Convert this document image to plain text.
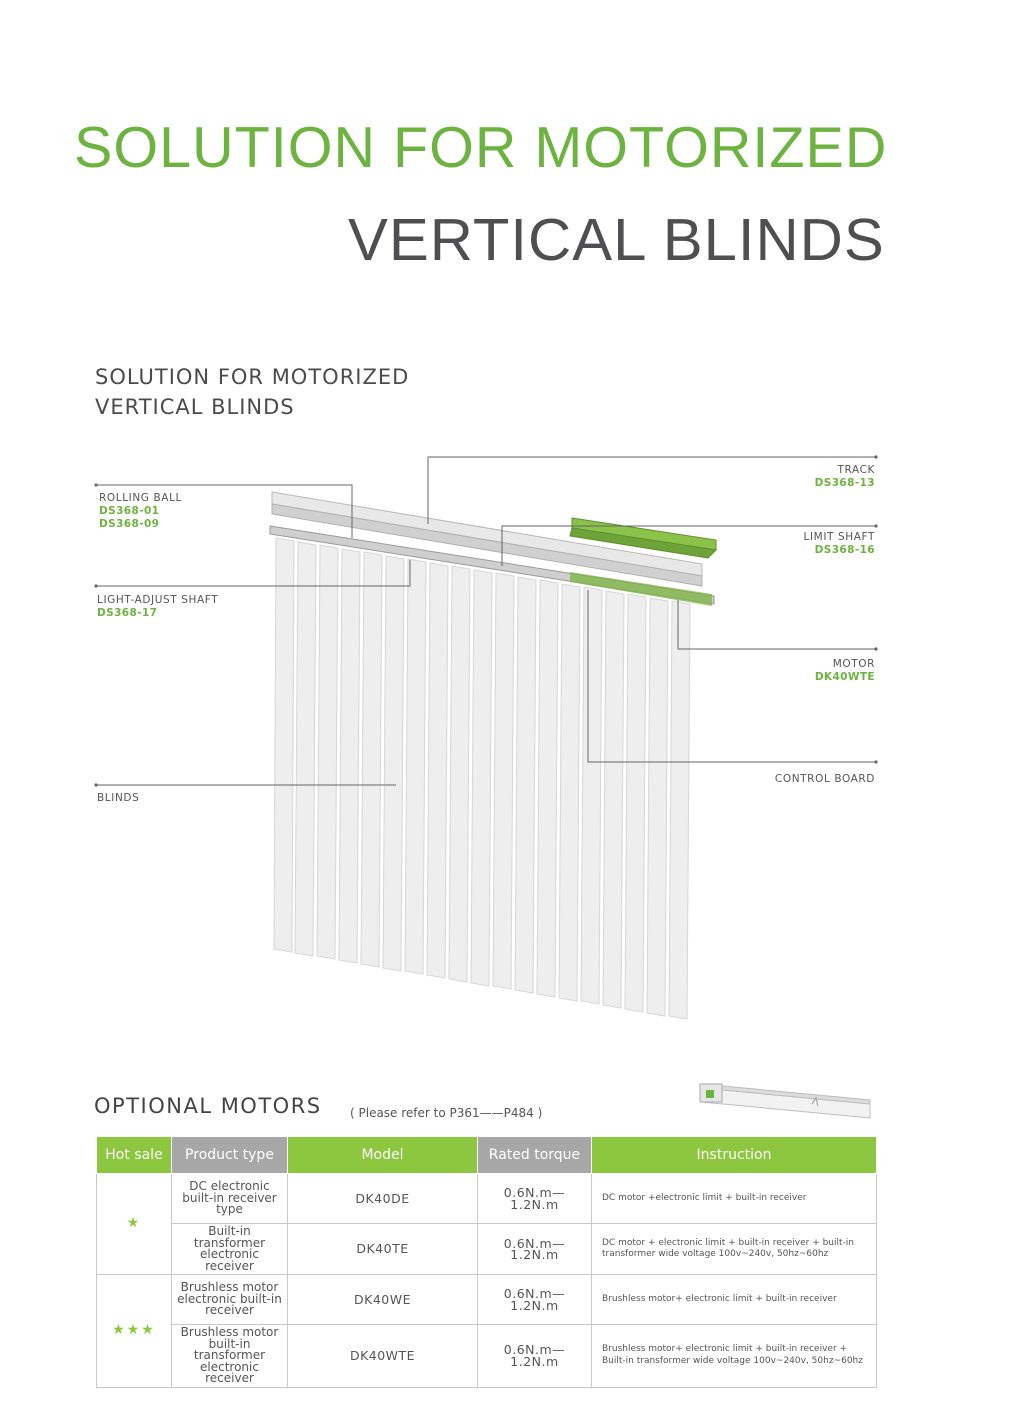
SOLUTION FOR MOTORIZED
VERTICAL BLINDS
SOLUTION FOR MOTORIZED
VERTICAL BLINDS
TRACK
DS368-13
ROLLING BALL
DS368-01
DS368-09
LIMIT SHAFT
DS368-16
LIGHT-ADJUST SHAFT
DS368-17
MOTOR
DK40WTE
CONTROL BOARD
BLINDS
OPTIONAL MOTORS ( Please refer to P361——P484 )
Hot sale	Product type	Model	Rated torque	Instruction
★	DC electronic built-in receiver type	DK40DE	0.6N.m—1.2N.m	DC motor +electronic limit + built-in receiver
	Built-in transformer electronic receiver	DK40TE	0.6N.m—1.2N.m	DC motor + electronic limit + built-in receiver + built-in transformer wide voltage 100v~240v, 50hz~60hz
★★★	Brushless motor electronic built-in receiver	DK40WE	0.6N.m—1.2N.m	Brushless motor+ electronic limit + built-in receiver
	Brushless motor built-in transformer electronic receiver	DK40WTE	0.6N.m—1.2N.m	Brushless motor+ electronic limit + built-in receiver + Built-in transformer wide voltage 100v~240v, 50hz~60hz
